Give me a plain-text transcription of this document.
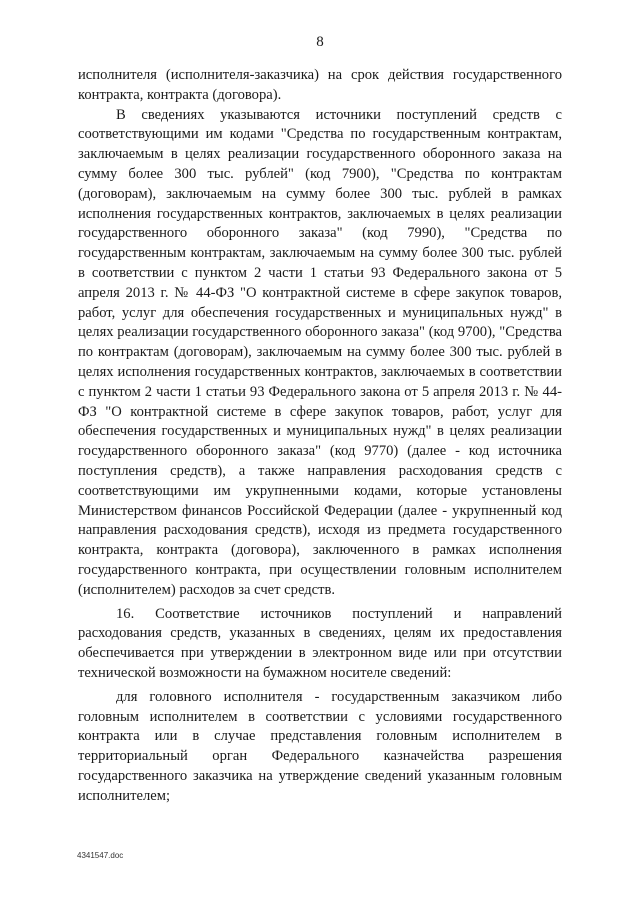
8

исполнителя (исполнителя-заказчика) на срок действия государственного контракта, контракта (договора).

В сведениях указываются источники поступлений средств с соответствующими им кодами "Средства по государственным контрактам, заключаемым в целях реализации государственного оборонного заказа на сумму более 300 тыс. рублей" (код 7900), "Средства по контрактам (договорам), заключаемым на сумму более 300 тыс. рублей в рамках исполнения государственных контрактов, заключаемых в целях реализации государственного оборонного заказа" (код 7990), "Средства по государственным контрактам, заключаемым на сумму более 300 тыс. рублей в соответствии с пунктом 2 части 1 статьи 93 Федерального закона от 5 апреля 2013 г. № 44-ФЗ "О контрактной системе в сфере закупок товаров, работ, услуг для обеспечения государственных и муниципальных нужд" в целях реализации государственного оборонного заказа" (код 9700), "Средства по контрактам (договорам), заключаемым на сумму более 300 тыс. рублей в целях исполнения государственных контрактов, заключаемых в соответствии с пунктом 2 части 1 статьи 93 Федерального закона от 5 апреля 2013 г. № 44-ФЗ "О контрактной системе в сфере закупок товаров, работ, услуг для обеспечения государственных и муниципальных нужд" в целях реализации государственного оборонного заказа" (код 9770) (далее - код источника поступления средств), а также направления расходования средств с соответствующими им укрупненными кодами, которые установлены Министерством финансов Российской Федерации (далее - укрупненный код направления расходования средств), исходя из предмета государственного контракта, контракта (договора), заключенного в рамках исполнения государственного контракта, при осуществлении головным исполнителем (исполнителем) расходов за счет средств.

16. Соответствие источников поступлений и направлений расходования средств, указанных в сведениях, целям их предоставления обеспечивается при утверждении в электронном виде или при отсутствии технической возможности на бумажном носителе сведений:

для головного исполнителя - государственным заказчиком либо головным исполнителем в соответствии с условиями государственного контракта или в случае представления головным исполнителем в территориальный орган Федерального казначейства разрешения государственного заказчика на утверждение сведений указанным головным исполнителем;

4341547.doc
